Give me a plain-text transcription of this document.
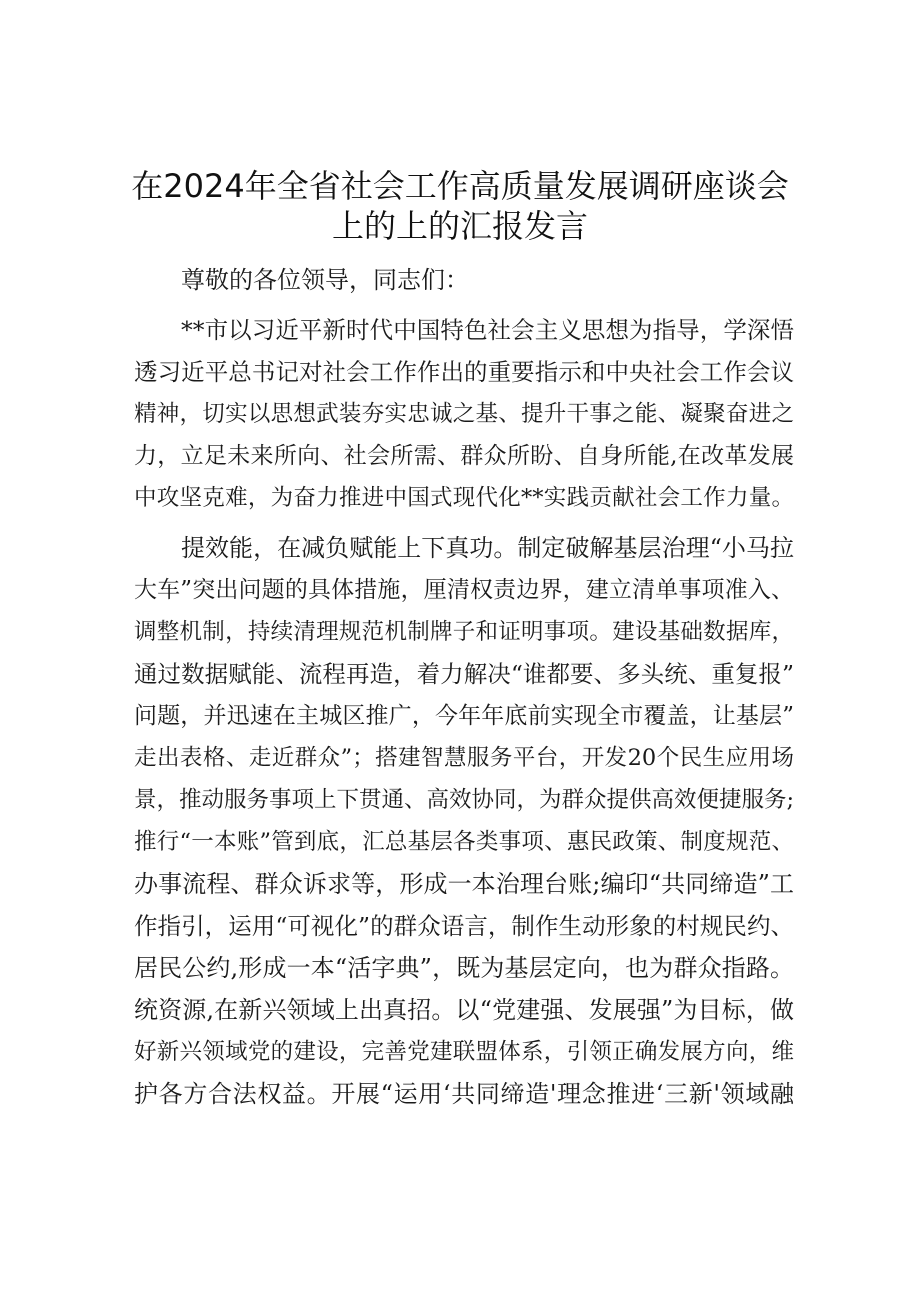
在2024年全省社会工作高质量发展调研座谈会
上的上的汇报发言
尊敬的各位领导，同志们：
**市以习近平新时代中国特色社会主义思想为指导，学深悟
透习近平总书记对社会工作作出的重要指示和中央社会工作会议
精神，切实以思想武装夯实忠诚之基、提升干事之能、凝聚奋进之
力，立足未来所向、社会所需、群众所盼、自身所能,在改革发展
中攻坚克难，为奋力推进中国式现代化**实践贡献社会工作力量。
提效能，在减负赋能上下真功。制定破解基层治理“小马拉
大车”突出问题的具体措施，厘清权责边界，建立清单事项准入、
调整机制，持续清理规范机制牌子和证明事项。建设基础数据库，
通过数据赋能、流程再造，着力解决“谁都要、多头统、重复报”
问题，并迅速在主城区推广，今年年底前实现全市覆盖，让基层”
走出表格、走近群众”；搭建智慧服务平台，开发20个民生应用场
景，推动服务事项上下贯通、高效协同，为群众提供高效便捷服务;
推行“一本账”管到底，汇总基层各类事项、惠民政策、制度规范、
办事流程、群众诉求等，形成一本治理台账;编印“共同缔造”工
作指引，运用“可视化”的群众语言，制作生动形象的村规民约、
居民公约,形成一本“活字典”，既为基层定向，也为群众指路。
统资源,在新兴领域上出真招。以“党建强、发展强”为目标，做
好新兴领域党的建设，完善党建联盟体系，引领正确发展方向，维
护各方合法权益。开展“运用‘共同缔造'理念推进‘三新'领域融
